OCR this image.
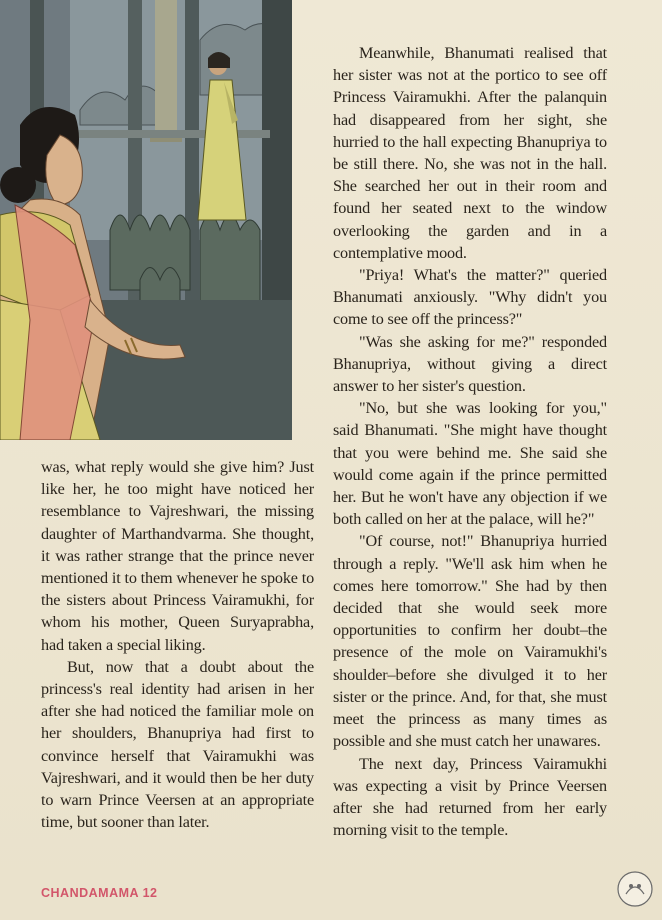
Meanwhile, Bhanumati realised that her sister was not at the portico to see off Princess Vairamukhi. After the palanquin had disappeared from her sight, she hurried to the hall expecting Bhanupriya to be still there. No, she was not in the hall. She searched her out in their room and found her seated next to the window overlooking the garden and in a contemplative mood.

"Priya! What's the matter?" queried Bhanumati anxiously. "Why didn't you come to see off the princess?"

"Was she asking for me?" responded Bhanupriya, without giving a direct answer to her sister's question.

"No, but she was looking for you," said Bhanumati. "She might have thought that you were behind me. She said she would come again if the prince permitted her. But he won't have any objection if we both called on her at the palace, will he?"

"Of course, not!" Bhanupriya hurried through a reply. "We'll ask him when he comes here tomorrow." She had by then decided that she would seek more opportunities to confirm her doubt–the presence of the mole on Vairamukhi's shoulder–before she divulged it to her sister or the prince. And, for that, she must meet the princess as many times as possible and she must catch her unawares.

The next day, Princess Vairamukhi was expecting a visit by Prince Veersen after she had returned from her early morning visit to the temple.

was, what reply would she give him? Just like her, he too might have noticed her resemblance to Vajreshwari, the missing daughter of Marthandvarma. She thought, it was rather strange that the prince never mentioned it to them whenever he spoke to the sisters about Princess Vairamukhi, for whom his mother, Queen Suryaprabha, had taken a special liking.

But, now that a doubt about the princess's real identity had arisen in her after she had noticed the familiar mole on her shoulders, Bhanupriya had first to convince herself that Vairamukhi was Vajreshwari, and it would then be her duty to warn Prince Veersen at an appropriate time, but sooner than later.

CHANDAMAMA 12
